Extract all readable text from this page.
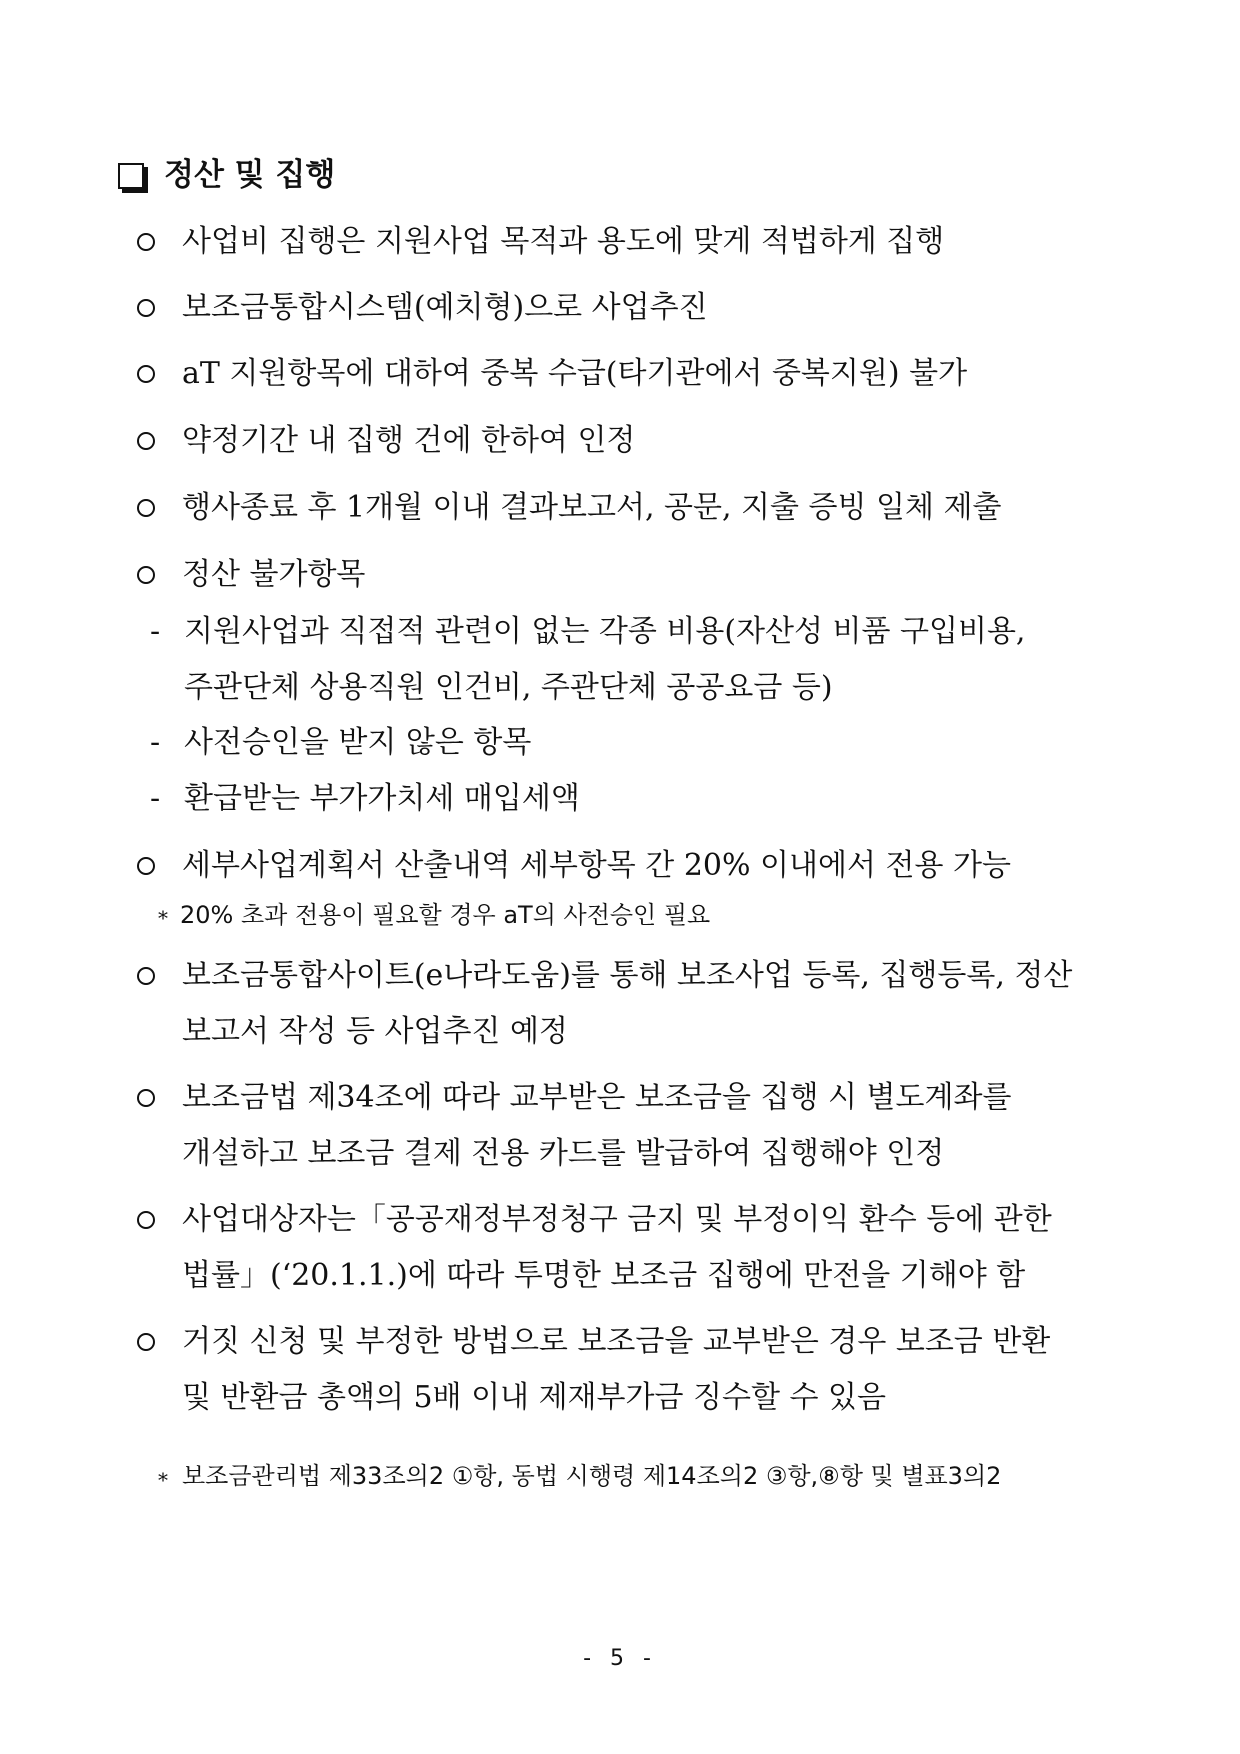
정산 및 집행
사업비 집행은 지원사업 목적과 용도에 맞게 적법하게 집행
보조금통합시스템(예치형)으로 사업추진
aT 지원항목에 대하여 중복 수급(타기관에서 중복지원) 불가
약정기간 내 집행 건에 한하여 인정
행사종료 후 1개월 이내 결과보고서, 공문, 지출 증빙 일체 제출
정산 불가항목
- 지원사업과 직접적 관련이 없는 각종 비용(자산성 비품 구입비용,
주관단체 상용직원 인건비, 주관단체 공공요금 등)
- 사전승인을 받지 않은 항목
- 환급받는 부가가치세 매입세액
세부사업계획서 산출내역 세부항목 간 20% 이내에서 전용 가능
* 20% 초과 전용이 필요할 경우 aT의 사전승인 필요
보조금통합사이트(e나라도움)를 통해 보조사업 등록, 집행등록, 정산
보고서 작성 등 사업추진 예정
보조금법 제34조에 따라 교부받은 보조금을 집행 시 별도계좌를
개설하고 보조금 결제 전용 카드를 발급하여 집행해야 인정
사업대상자는「공공재정부정청구 금지 및 부정이익 환수 등에 관한
법률」(‘20.1.1.)에 따라 투명한 보조금 집행에 만전을 기해야 함
거짓 신청 및 부정한 방법으로 보조금을 교부받은 경우 보조금 반환
및 반환금 총액의 5배 이내 제재부가금 징수할 수 있음
* 보조금관리법 제33조의2 ①항, 동법 시행령 제14조의2 ③항,⑧항 및 별표3의2
- 5 -
